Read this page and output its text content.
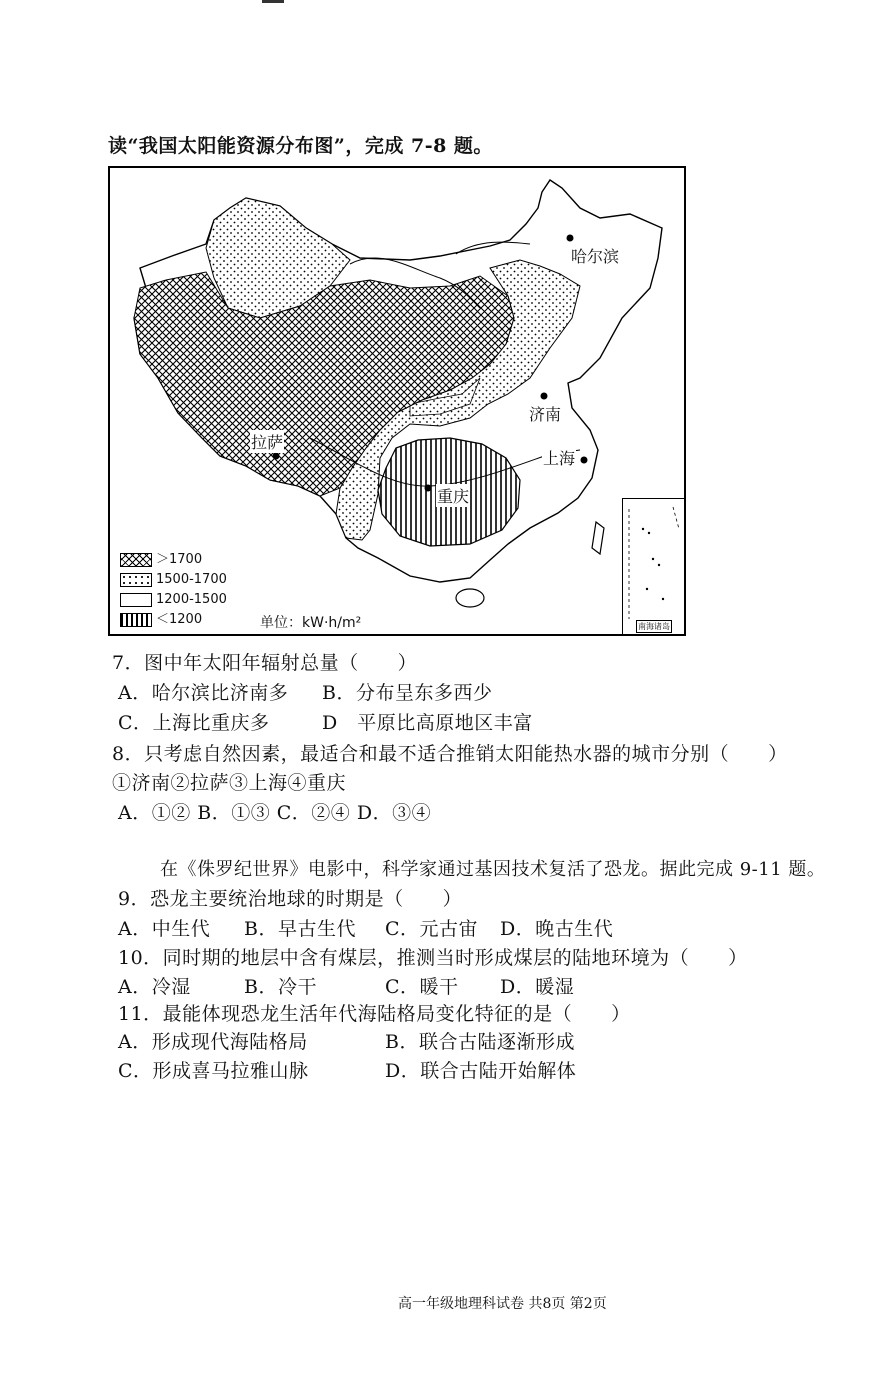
读“我国太阳能资源分布图”，完成 7-8 题。
哈尔滨
济南
拉萨
上海
重庆
＞1700
1500-1700
1200-1500
＜1200	单位：kW·h/m²	南海诸岛
7．图中年太阳年辐射总量（　　）
A．哈尔滨比济南多 B．分布呈东多西少
C．上海比重庆多	D　平原比高原地区丰富
8．只考虑自然因素，最适合和最不适合推销太阳能热水器的城市分别（　　）
①济南②拉萨③上海④重庆
A．①② B．①③ C．②④ D．③④
在《侏罗纪世界》电影中，科学家通过基因技术复活了恐龙。据此完成 9-11 题。
9．恐龙主要统治地球的时期是（　　）
A．中生代 B．早古生代 C．元古宙 D．晚古生代
10．同时期的地层中含有煤层，推测当时形成煤层的陆地环境为（　　）
A．冷湿	B．冷干	C．暖干 D．暖湿
11．最能体现恐龙生活年代海陆格局变化特征的是（　　）
A．形成现代海陆格局	B．联合古陆逐渐形成
C．形成喜马拉雅山脉	D．联合古陆开始解体
高一年级地理科试卷 共8页 第2页
